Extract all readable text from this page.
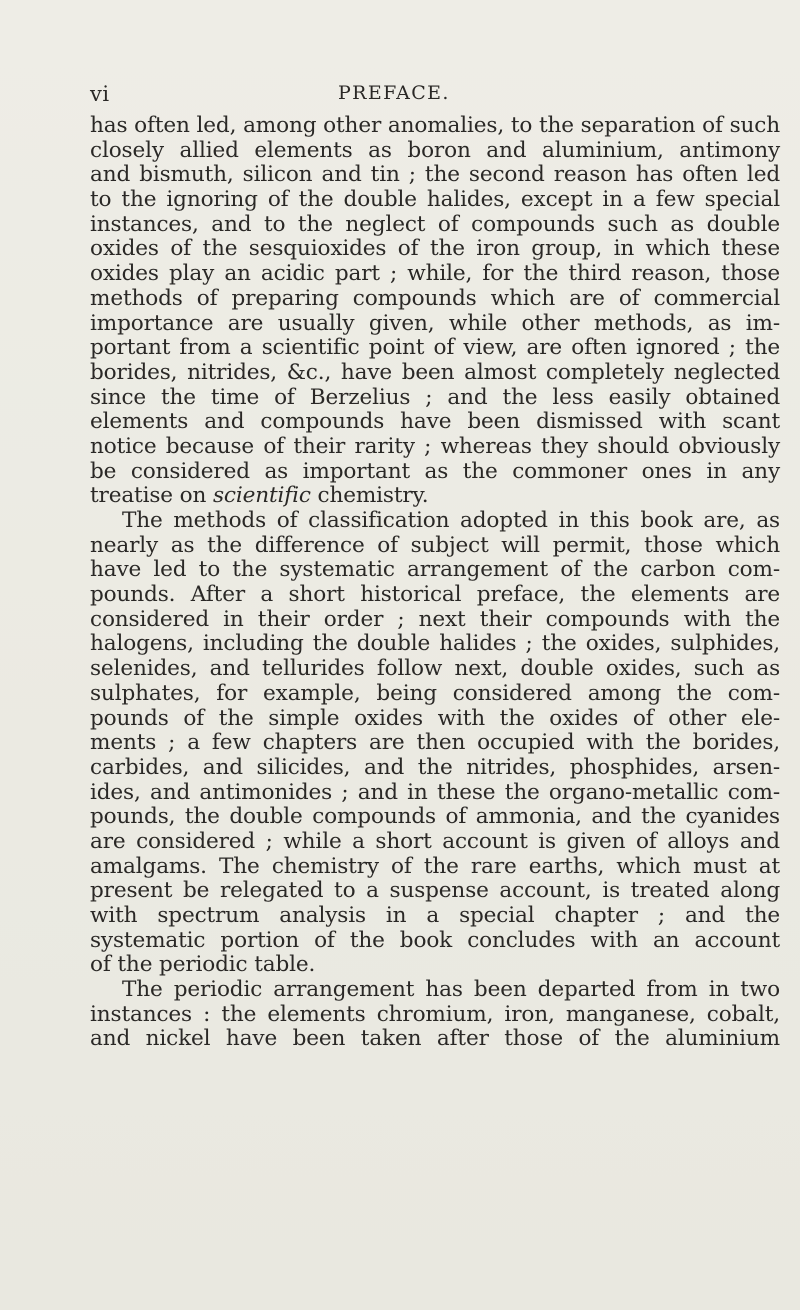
vi	PREFACE.
has often led, among other anomalies, to the separation of such
closely allied elements as boron and aluminium, antimony
and bismuth, silicon and tin ; the second reason has often led
to the ignoring of the double halides, except in a few special
instances, and to the neglect of compounds such as double
oxides of the sesquioxides of the iron group, in which these
oxides play an acidic part ; while, for the third reason, those
methods of preparing compounds which are of commercial
importance are usually given, while other methods, as im-
portant from a scientific point of view, are often ignored ; the
borides, nitrides, &c., have been almost completely neglected
since the time of Berzelius ; and the less easily obtained
elements and compounds have been dismissed with scant
notice because of their rarity ; whereas they should obviously
be considered as important as the commoner ones in any
treatise on scientific chemistry.
The methods of classification adopted in this book are, as
nearly as the difference of subject will permit, those which
have led to the systematic arrangement of the carbon com-
pounds. After a short historical preface, the elements are
considered in their order ; next their compounds with the
halogens, including the double halides ; the oxides, sulphides,
selenides, and tellurides follow next, double oxides, such as
sulphates, for example, being considered among the com-
pounds of the simple oxides with the oxides of other ele-
ments ; a few chapters are then occupied with the borides,
carbides, and silicides, and the nitrides, phosphides, arsen-
ides, and antimonides ; and in these the organo-metallic com-
pounds, the double compounds of ammonia, and the cyanides
are considered ; while a short account is given of alloys and
amalgams. The chemistry of the rare earths, which must at
present be relegated to a suspense account, is treated along
with spectrum analysis in a special chapter ; and the
systematic portion of the book concludes with an account
of the periodic table.
The periodic arrangement has been departed from in two
instances : the elements chromium, iron, manganese, cobalt,
and nickel have been taken after those of the aluminium
